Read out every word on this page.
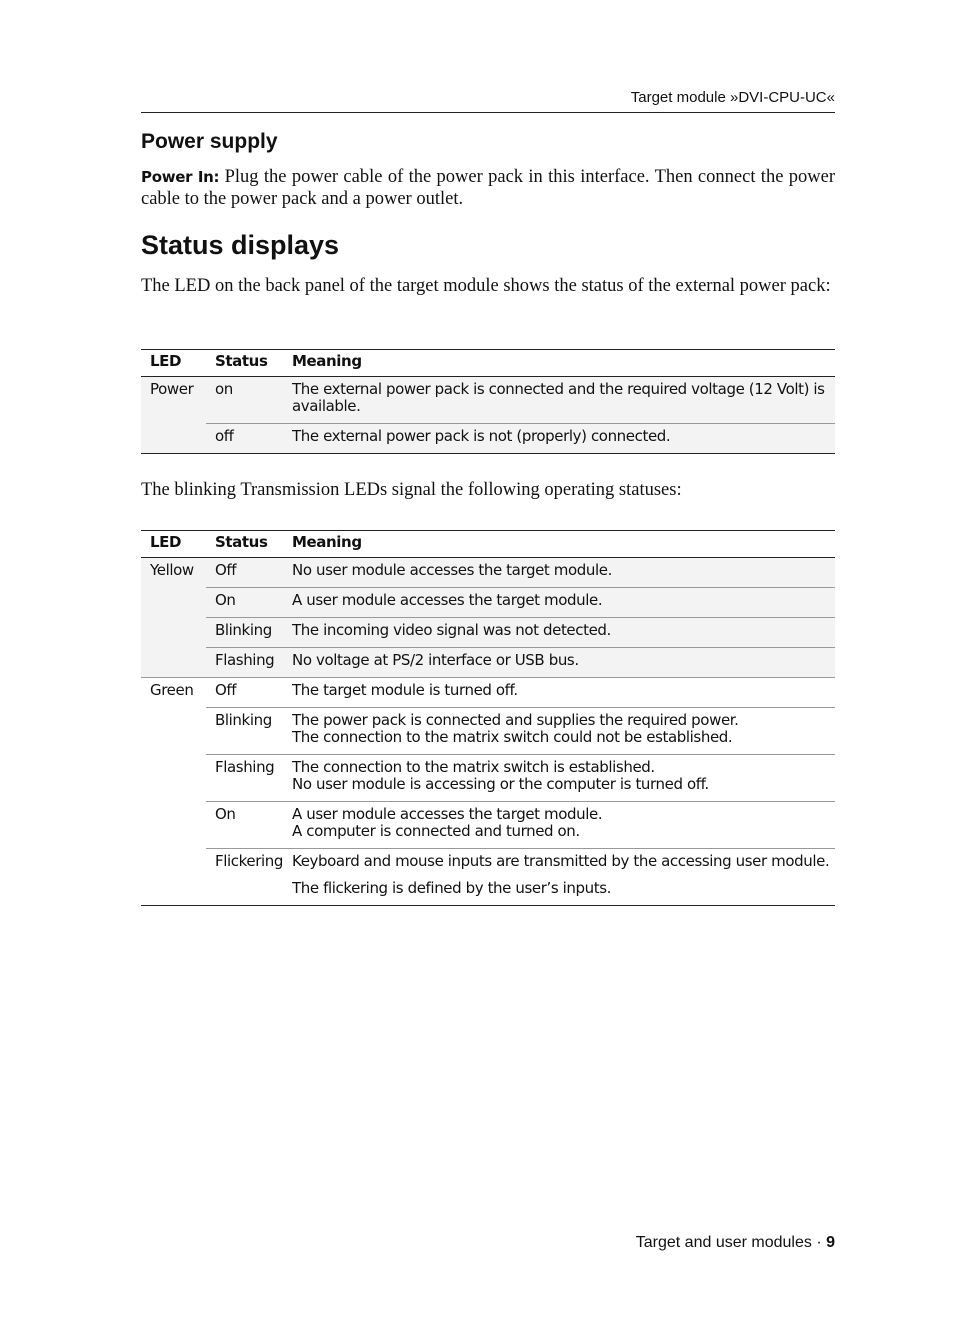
Target module »DVI-CPU-UC«
Power supply
Power In: Plug the power cable of the power pack in this interface. Then connect the power cable to the power pack and a power outlet.
Status displays
The LED on the back panel of the target module shows the status of the external power pack:
LED	Status	Meaning
Power	on	The external power pack is connected and the required voltage (12 Volt) is available.
	off	The external power pack is not (properly) connected.
The blinking Transmission LEDs signal the following operating statuses:
LED	Status	Meaning
Yellow	Off	No user module accesses the target module.
	On	A user module accesses the target module.
	Blinking	The incoming video signal was not detected.
	Flashing	No voltage at PS/2 interface or USB bus.
Green	Off	The target module is turned off.
	Blinking	The power pack is connected and supplies the required power.
The connection to the matrix switch could not be established.

	Flashing	The connection to the matrix switch is established.
No user module is accessing or the computer is turned off.

	On	A user module accesses the target module.
A computer is connected and turned on.

	Flickering	Keyboard and mouse inputs are transmitted by the accessing user module.
The flickering is defined by the user’s inputs.
Target and user modules · 9
